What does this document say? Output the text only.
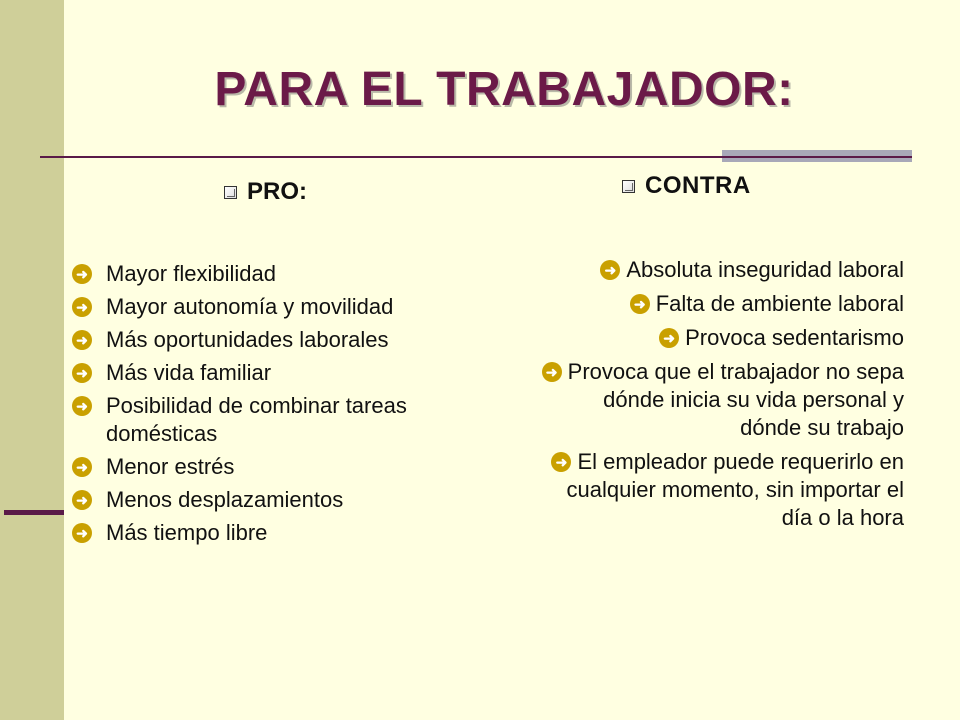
PARA EL TRABAJADOR:
PRO:
➜ Mayor flexibilidad
➜ Mayor autonomía y movilidad
➜ Más oportunidades laborales
➜ Más vida familiar
➜ Posibilidad de combinar tareas domésticas
➜ Menor estrés
➜ Menos desplazamientos
➜ Más tiempo libre
CONTRA
➜ Absoluta inseguridad laboral
➜ Falta de ambiente laboral
➜ Provoca sedentarismo
➜ Provoca que el trabajador no sepa dónde inicia su vida personal y dónde su trabajo
➜ El empleador puede requerirlo en cualquier momento, sin importar el día o la hora
